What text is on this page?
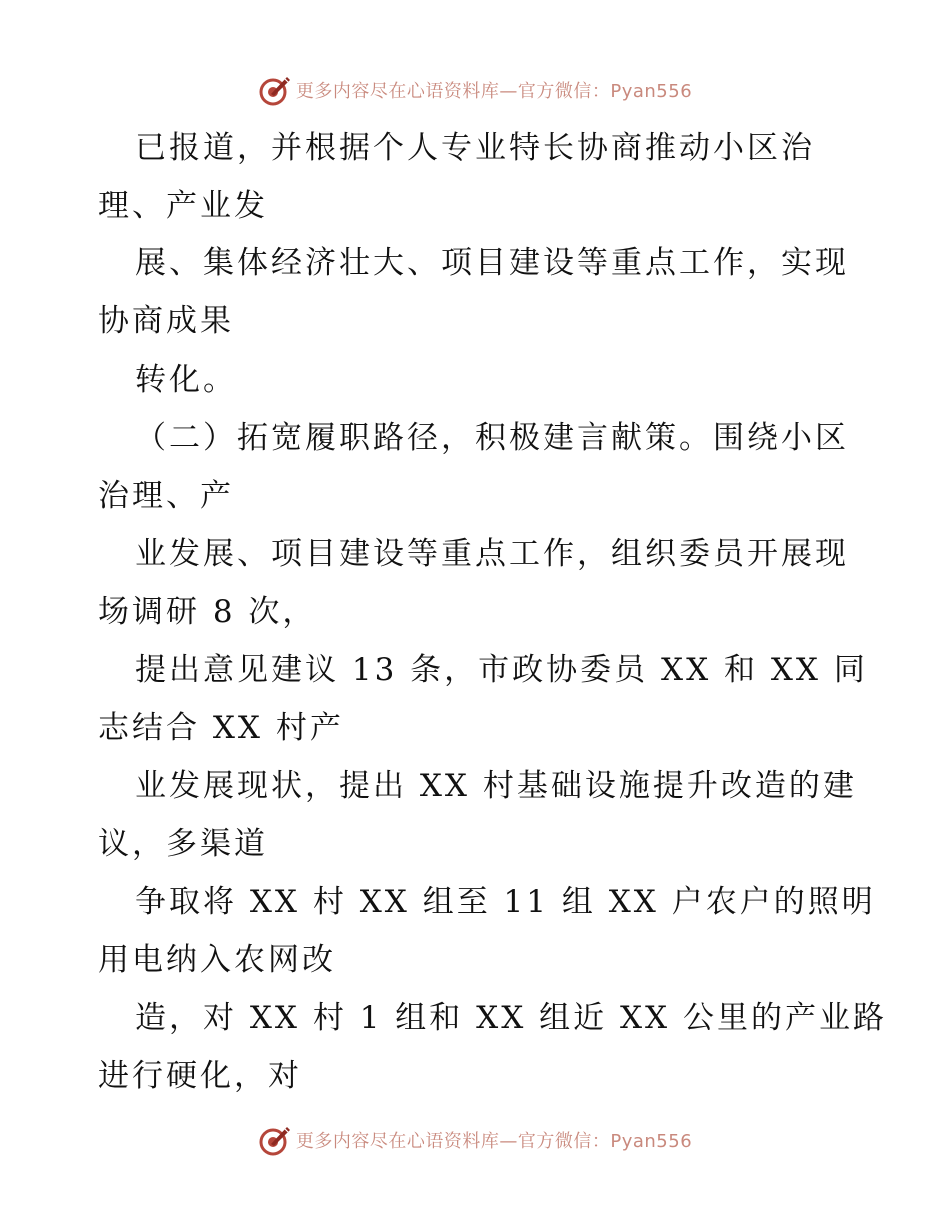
更多内容尽在心语资料库—官方微信：Pyan556
已报道，并根据个人专业特长协商推动小区治
理、产业发
展、集体经济壮大、项目建设等重点工作，实现
协商成果
转化。
（二）拓宽履职路径，积极建言献策。围绕小区
治理、产
业发展、项目建设等重点工作，组织委员开展现
场调研 8 次，
提出意见建议 13 条，市政协委员 XX 和 XX 同
志结合 XX 村产
业发展现状，提出 XX 村基础设施提升改造的建
议，多渠道
争取将 XX 村 XX 组至 11 组 XX 户农户的照明
用电纳入农网改
造，对 XX 村 1 组和 XX 组近 XX 公里的产业路
进行硬化，对
更多内容尽在心语资料库—官方微信：Pyan556
